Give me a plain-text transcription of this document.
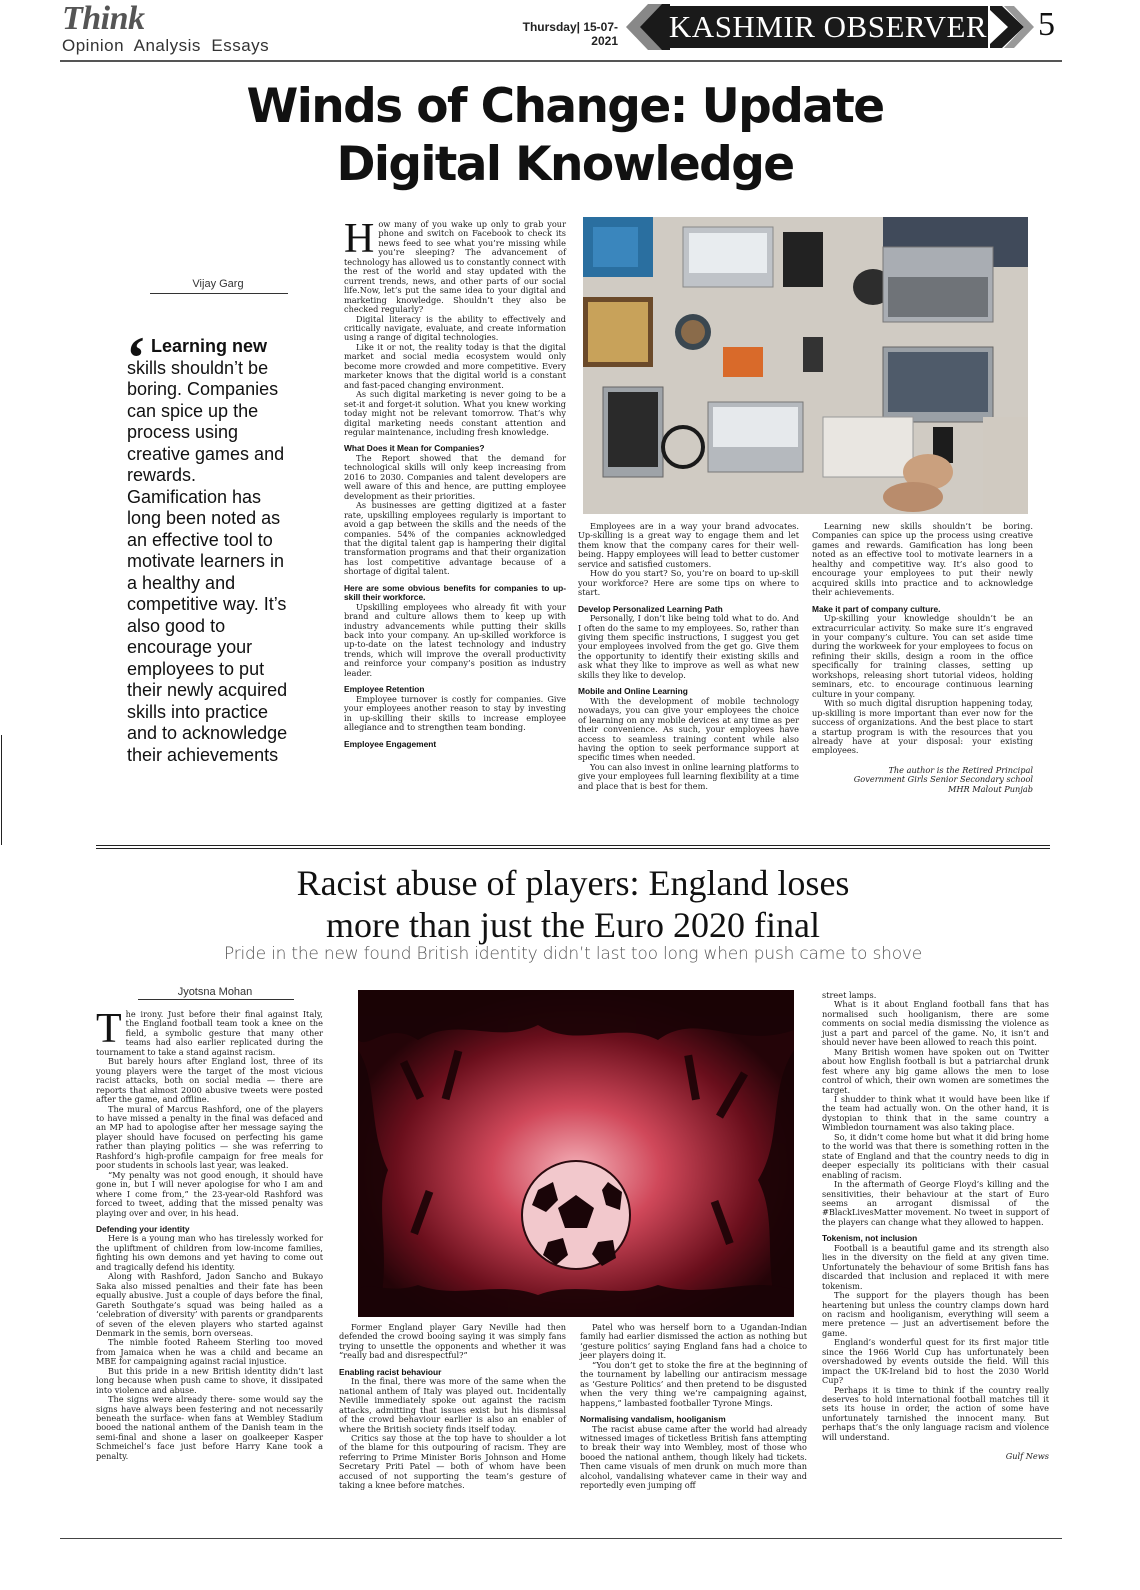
Think
Opinion  Analysis  Essays
Thursday| 15-07-2021 KASHMIR OBSERVER 5
Winds of Change: Update
Digital Knowledge
Vijay Garg
‘ Learning new skills shouldn’t be boring. Companies can spice up the process using creative games and rewards. Gamification has long been noted as an effective tool to motivate learners in a healthy and competitive way. It’s also good to encourage your employees to put their newly acquired skills into practice and to acknowledge their achievements

How many of you wake up only to grab your phone and switch on Facebook to check its news feed to see what you’re missing while you’re sleeping? The advancement of technology has allowed us to constantly connect with the rest of the world and stay updated with the current trends, news, and other parts of our social life.Now, let’s put the same idea to your digital and marketing knowledge. Shouldn’t they also be checked regularly?

Digital literacy is the ability to effectively and critically navigate, evaluate, and create information using a range of digital technologies.

Like it or not, the reality today is that the digital market and social media ecosystem would only become more crowded and more competitive. Every marketer knows that the digital world is a constant and fast-paced changing environment.

As such digital marketing is never going to be a set-it and forget-it solution. What you knew working today might not be relevant tomorrow. That’s why digital marketing needs constant attention and regular maintenance, including fresh knowledge.

What Does it Mean for Companies?

The Report showed that the demand for technological skills will only keep increasing from 2016 to 2030. Companies and talent developers are well aware of this and hence, are putting employee development as their priorities.

As businesses are getting digitized at a faster rate, upskilling employees regularly is important to avoid a gap between the skills and the needs of the companies. 54% of the companies acknowledged that the digital talent gap is hampering their digital transformation programs and that their organization has lost competitive advantage because of a shortage of digital talent.

Here are some obvious benefits for companies to up-skill their workforce.

Upskilling employees who already fit with your brand and culture allows them to keep up with industry advancements while putting their skills back into your company. An up-skilled workforce is up-to-date on the latest technology and industry trends, which will improve the overall productivity and reinforce your company’s position as industry leader.

Employee Retention

Employee turnover is costly for companies. Give your employees another reason to stay by investing in up-skilling their skills to increase employee allegiance and to strengthen team bonding.

Employee Engagement

Employees are in a way your brand advocates. Up-skilling is a great way to engage them and let them know that the company cares for their well-being. Happy employees will lead to better customer service and satisfied customers.

How do you start? So, you’re on board to up-skill your workforce? Here are some tips on where to start.

Develop Personalized Learning Path

Personally, I don’t like being told what to do. And I often do the same to my employees. So, rather than giving them specific instructions, I suggest you get your employees involved from the get go. Give them the opportunity to identify their existing skills and ask what they like to improve as well as what new skills they like to develop.

Mobile and Online Learning

With the development of mobile technology nowadays, you can give your employees the choice of learning on any mobile devices at any time as per their convenience. As such, your employees have access to seamless training content while also having the option to seek performance support at specific times when needed.

You can also invest in online learning platforms to give your employees full learning flexibility at a time and place that is best for them.

Learning new skills shouldn’t be boring. Companies can spice up the process using creative games and rewards. Gamification has long been noted as an effective tool to motivate learners in a healthy and competitive way. It’s also good to encourage your employees to put their newly acquired skills into practice and to acknowledge their achievements.

Make it part of company culture.

Up-skilling your knowledge shouldn’t be an extracurricular activity. So make sure it’s engraved in your company’s culture. You can set aside time during the workweek for your employees to focus on refining their skills, design a room in the office specifically for training classes, setting up workshops, releasing short tutorial videos, holding seminars, etc. to encourage continuous learning culture in your company.

With so much digital disruption happening today, up-skilling is more important than ever now for the success of organizations. And the best place to start a startup program is with the resources that you already have at your disposal: your existing employees.

The author is the Retired Principal
Government Girls Senior Secondary school
MHR Malout Punjab
Racist abuse of players: England loses
more than just the Euro 2020 final
Pride in the new found British identity didn’t last too long when push came to shove
Jyotsna Mohan

The irony. Just before their final against Italy, the England football team took a knee on the field, a symbolic gesture that many other teams had also earlier replicated during the tournament to take a stand against racism.

But barely hours after England lost, three of its young players were the target of the most vicious racist attacks, both on social media — there are reports that almost 2000 abusive tweets were posted after the game, and offline.

The mural of Marcus Rashford, one of the players to have missed a penalty in the final was defaced and an MP had to apologise after her message saying the player should have focused on perfecting his game rather than playing politics — she was referring to Rashford’s high-profile campaign for free meals for poor students in schools last year, was leaked.

“My penalty was not good enough, it should have gone in, but I will never apologise for who I am and where I come from,” the 23-year-old Rashford was forced to tweet, adding that the missed penalty was playing over and over, in his head.

Defending your identity

Here is a young man who has tirelessly worked for the upliftment of children from low-income families, fighting his own demons and yet having to come out and tragically defend his identity.

Along with Rashford, Jadon Sancho and Bukayo Saka also missed penalties and their fate has been equally abusive. Just a couple of days before the final, Gareth Southgate’s squad was being hailed as a ‘celebration of diversity’ with parents or grandparents of seven of the eleven players who started against Denmark in the semis, born overseas.

The nimble footed Raheem Sterling too moved from Jamaica when he was a child and became an MBE for campaigning against racial injustice.

But this pride in a new British identity didn’t last long because when push came to shove, it dissipated into violence and abuse.

The signs were already there- some would say the signs have always been festering and not necessarily beneath the surface- when fans at Wembley Stadium booed the national anthem of the Danish team in the semi-final and shone a laser on goalkeeper Kasper Schmeichel’s face just before Harry Kane took a penalty.

Former England player Gary Neville had then defended the crowd booing saying it was simply fans trying to unsettle the opponents and whether it was “really bad and disrespectful?”

Enabling racist behaviour

In the final, there was more of the same when the national anthem of Italy was played out. Incidentally Neville immediately spoke out against the racism attacks, admitting that issues exist but his dismissal of the crowd behaviour earlier is also an enabler of where the British society finds itself today.

Critics say those at the top have to shoulder a lot of the blame for this outpouring of racism. They are referring to Prime Minister Boris Johnson and Home Secretary Priti Patel — both of whom have been accused of not supporting the team’s gesture of taking a knee before matches.

Patel who was herself born to a Ugandan-Indian family had earlier dismissed the action as nothing but ‘gesture politics’ saying England fans had a choice to jeer players doing it.

“You don’t get to stoke the fire at the beginning of the tournament by labelling our antiracism message as ‘Gesture Politics’ and then pretend to be disgusted when the very thing we’re campaigning against, happens,” lambasted footballer Tyrone Mings.

Normalising vandalism, hooliganism

The racist abuse came after the world had already witnessed images of ticketless British fans attempting to break their way into Wembley, most of those who booed the national anthem, though likely had tickets. Then came visuals of men drunk on much more than alcohol, vandalising whatever came in their way and reportedly even jumping off

street lamps.

What is it about England football fans that has normalised such hooliganism, there are some comments on social media dismissing the violence as just a part and parcel of the game. No, it isn’t and should never have been allowed to reach this point.

Many British women have spoken out on Twitter about how English football is but a patriarchal drunk fest where any big game allows the men to lose control of which, their own women are sometimes the target.

I shudder to think what it would have been like if the team had actually won. On the other hand, it is dystopian to think that in the same country a Wimbledon tournament was also taking place.

So, it didn’t come home but what it did bring home to the world was that there is something rotten in the state of England and that the country needs to dig in deeper especially its politicians with their casual enabling of racism.

In the aftermath of George Floyd’s killing and the sensitivities, their behaviour at the start of Euro seems an arrogant dismissal of the #BlackLivesMatter movement. No tweet in support of the players can change what they allowed to happen.

Tokenism, not inclusion

Football is a beautiful game and its strength also lies in the diversity on the field at any given time. Unfortunately the behaviour of some British fans has discarded that inclusion and replaced it with mere tokenism.

The support for the players though has been heartening but unless the country clamps down hard on racism and hooliganism, everything will seem a mere pretence — just an advertisement before the game.

England’s wonderful quest for its first major title since the 1966 World Cup has unfortunately been overshadowed by events outside the field. Will this impact the UK-Ireland bid to host the 2030 World Cup?

Perhaps it is time to think if the country really deserves to hold international football matches till it sets its house in order, the action of some have unfortunately tarnished the innocent many. But perhaps that’s the only language racism and violence will understand.

Gulf News
